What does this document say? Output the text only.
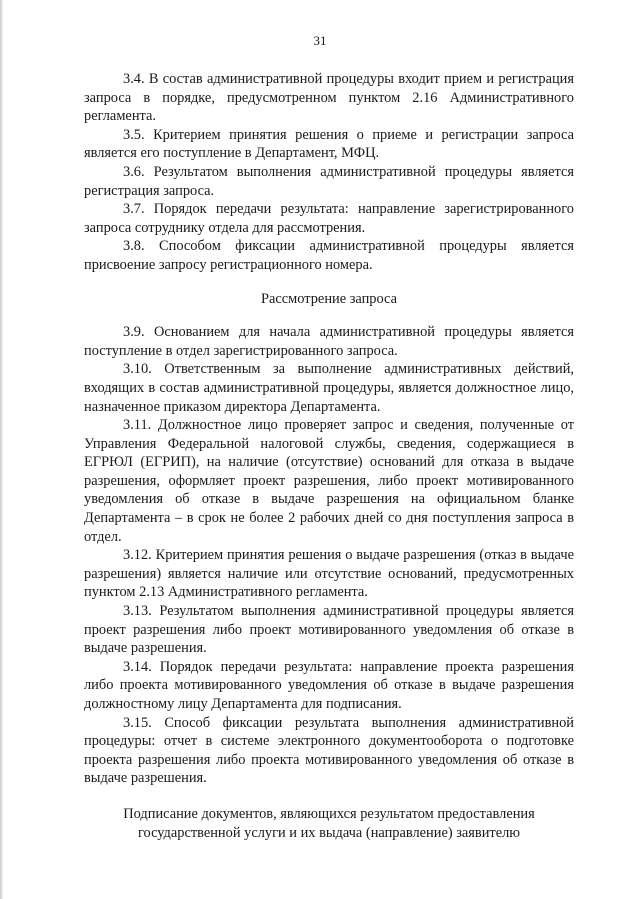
31

3.4. В состав административной процедуры входит прием и регистрация запроса в порядке, предусмотренном пунктом 2.16 Административного регламента.

3.5. Критерием принятия решения о приеме и регистрации запроса является его поступление в Департамент, МФЦ.

3.6. Результатом выполнения административной процедуры является регистрация запроса.

3.7. Порядок передачи результата: направление зарегистрированного запроса сотруднику отдела для рассмотрения.

3.8. Способом фиксации административной процедуры является присвоение запросу регистрационного номера.

Рассмотрение запроса

3.9. Основанием для начала административной процедуры является поступление в отдел зарегистрированного запроса.

3.10. Ответственным за выполнение административных действий, входящих в состав административной процедуры, является должностное лицо, назначенное приказом директора Департамента.

3.11. Должностное лицо проверяет запрос и сведения, полученные от Управления Федеральной налоговой службы, сведения, содержащиеся в ЕГРЮЛ (ЕГРИП), на наличие (отсутствие) оснований для отказа в выдаче разрешения, оформляет проект разрешения, либо проект мотивированного уведомления об отказе в выдаче разрешения на официальном бланке Департамента – в срок не более 2 рабочих дней со дня поступления запроса в отдел.

3.12. Критерием принятия решения о выдаче разрешения (отказ в выдаче разрешения) является наличие или отсутствие оснований, предусмотренных пунктом 2.13 Административного регламента.

3.13. Результатом выполнения административной процедуры является проект разрешения либо проект мотивированного уведомления об отказе в выдаче разрешения.

3.14. Порядок передачи результата: направление проекта разрешения либо проекта мотивированного уведомления об отказе в выдаче разрешения должностному лицу Департамента для подписания.

3.15. Способ фиксации результата выполнения административной процедуры: отчет в системе электронного документооборота о подготовке проекта разрешения либо проекта мотивированного уведомления об отказе в выдаче разрешения.

Подписание документов, являющихся результатом предоставления
государственной услуги и их выдача (направление) заявителю
